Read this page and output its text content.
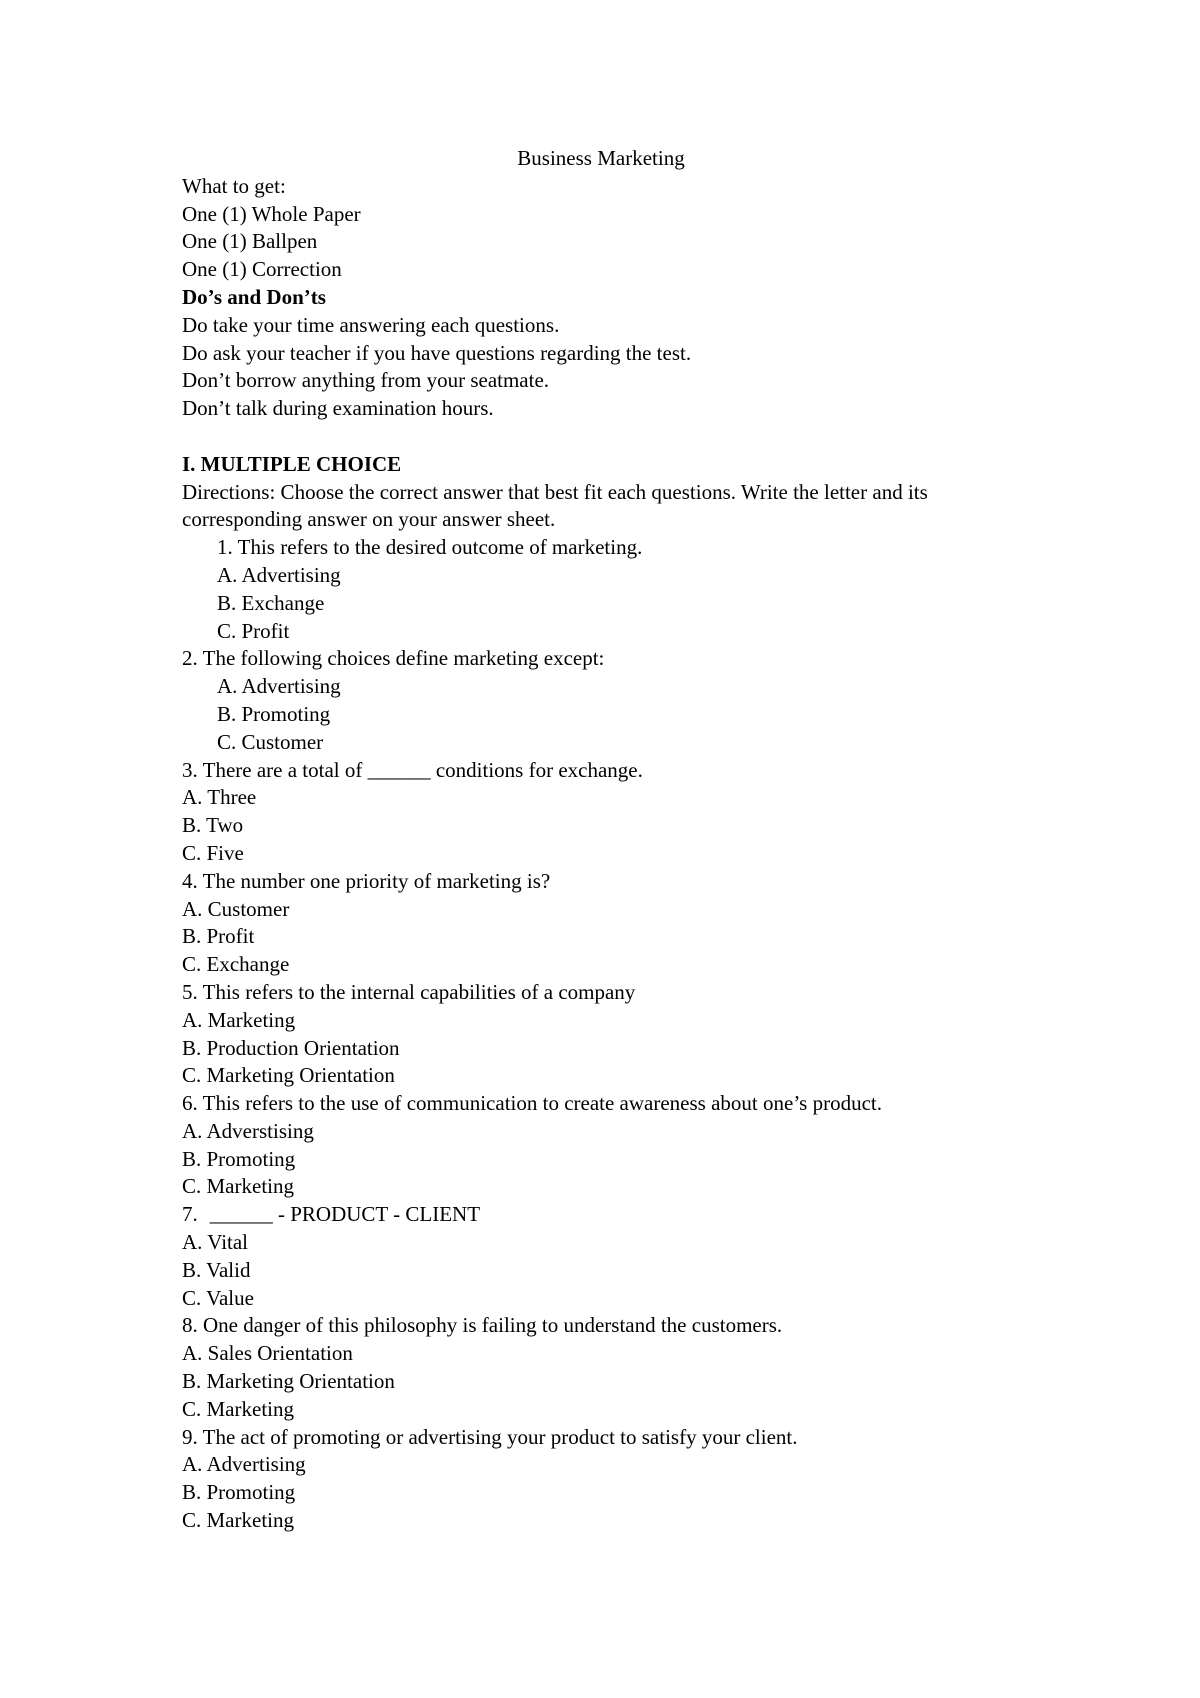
Business Marketing
What to get:
One (1) Whole Paper
One (1) Ballpen
One (1) Correction
Do’s and Don’ts
Do take your time answering each questions.
Do ask your teacher if you have questions regarding the test.
Don’t borrow anything from your seatmate.
Don’t talk during examination hours.
I. MULTIPLE CHOICE
Directions: Choose the correct answer that best fit each questions. Write the letter and its corresponding answer on your answer sheet.
1. This refers to the desired outcome of marketing.
A. Advertising
B. Exchange
C. Profit
2. The following choices define marketing except:
A. Advertising
B. Promoting
C. Customer
3. There are a total of ______ conditions for exchange.
A. Three
B. Two
C. Five
4. The number one priority of marketing is?
A. Customer
B. Profit
C. Exchange
5. This refers to the internal capabilities of a company
A. Marketing
B. Production Orientation
C. Marketing Orientation
6. This refers to the use of communication to create awareness about one’s product.
A. Adverstising
B. Promoting
C. Marketing
7. ______ - PRODUCT - CLIENT
A. Vital
B. Valid
C. Value
8. One danger of this philosophy is failing to understand the customers.
A. Sales Orientation
B. Marketing Orientation
C. Marketing
9. The act of promoting or advertising your product to satisfy your client.
A. Advertising
B. Promoting
C. Marketing
